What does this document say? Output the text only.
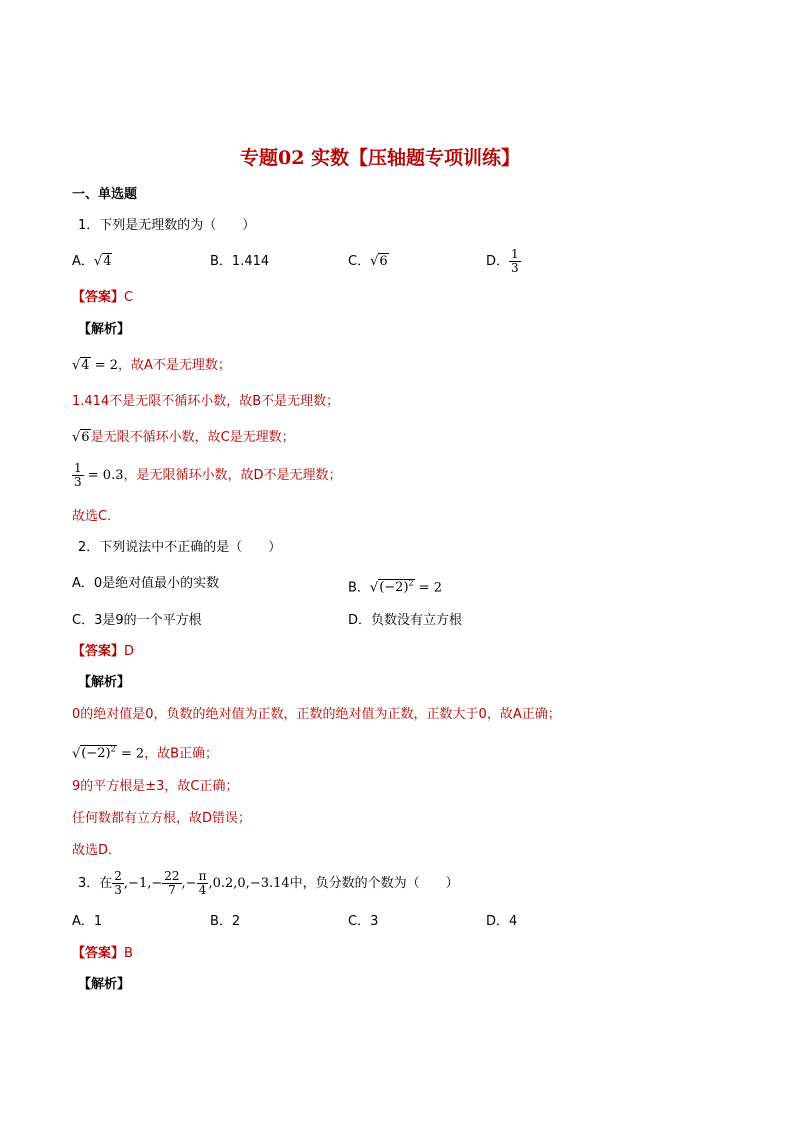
专题02 实数【压轴题专项训练】
一、单选题
1．下列是无理数的为（　　）
A．√4	B．1.414	C．√6	D． $\frac{1}{3}$
【答案】C
【解析】
√4 = 2，故A不是无理数；
1.414不是无限不循环小数，故B不是无理数；
√6是无限不循环小数，故C是无理数；
$\frac{1}{3} = 0.3$ ·，是无限循环小数，故D不是无理数；
故选C．
2．下列说法中不正确的是（　　）
A．0是绝对值最小的实数	B．$√(-2)^2 = 2$
C．3是9的一个平方根	D．负数没有立方根
【答案】D
【解析】
0的绝对值是0，负数的绝对值为正数，正数的绝对值为正数，正数大于0，故A正确；
$√(-2)^2 = 2$，故B正确；
9的平方根是±3，故C正确；
任何数都有立方根，故D错误；
故选D．
3．在 $\frac{2}{3} ,-1,- \frac{22}{7}$ ,− $\frac{\pi}{4} ,0.2 \cdot,0,-3.14$中，负分数的个数为（　　）
A．1	B．2	C．3	D．4
【答案】B
【解析】
